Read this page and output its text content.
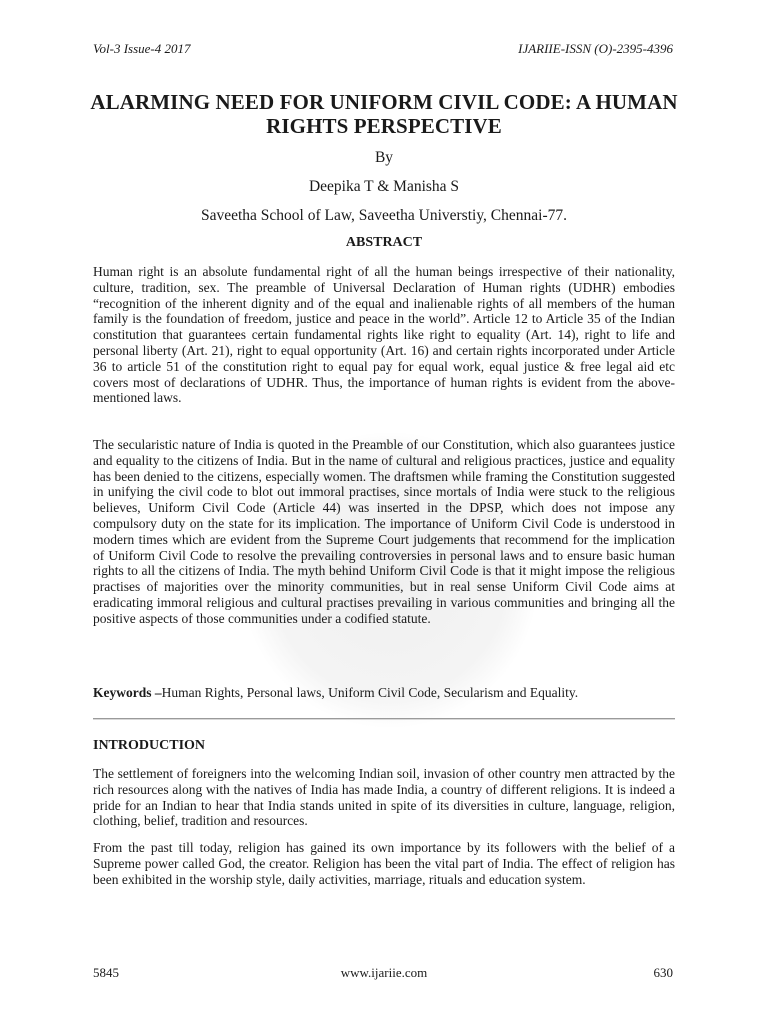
Vol-3 Issue-4 2017	IJARIIE-ISSN (O)-2395-4396
ALARMING NEED FOR UNIFORM CIVIL CODE: A HUMAN RIGHTS PERSPECTIVE
By
Deepika T & Manisha S
Saveetha School of Law, Saveetha Universtiy, Chennai-77.
ABSTRACT
Human right is an absolute fundamental right of all the human beings irrespective of their nationality, culture, tradition, sex. The preamble of Universal Declaration of Human rights (UDHR) embodies “recognition of the inherent dignity and of the equal and inalienable rights of all members of the human family is the foundation of freedom, justice and peace in the world”. Article 12 to Article 35 of the Indian constitution that guarantees certain fundamental rights like right to equality (Art. 14), right to life and personal liberty (Art. 21), right to equal opportunity (Art. 16) and certain rights incorporated under Article 36 to article 51 of the constitution right to equal pay for equal work, equal justice & free legal aid etc covers most of declarations of UDHR. Thus, the importance of human rights is evident from the above-mentioned laws.
The secularistic nature of India is quoted in the Preamble of our Constitution, which also guarantees justice and equality to the citizens of India. But in the name of cultural and religious practices, justice and equality has been denied to the citizens, especially women. The draftsmen while framing the Constitution suggested in unifying the civil code to blot out immoral practises, since mortals of India were stuck to the religious believes, Uniform Civil Code (Article 44) was inserted in the DPSP, which does not impose any compulsory duty on the state for its implication. The importance of Uniform Civil Code is understood in modern times which are evident from the Supreme Court judgements that recommend for the implication of Uniform Civil Code to resolve the prevailing controversies in personal laws and to ensure basic human rights to all the citizens of India. The myth behind Uniform Civil Code is that it might impose the religious practises of majorities over the minority communities, but in real sense Uniform Civil Code aims at eradicating immoral religious and cultural practises prevailing in various communities and bringing all the positive aspects of those communities under a codified statute.
Keywords –Human Rights, Personal laws, Uniform Civil Code, Secularism and Equality.
INTRODUCTION
The settlement of foreigners into the welcoming Indian soil, invasion of other country men attracted by the rich resources along with the natives of India has made India, a country of different religions. It is indeed a pride for an Indian to hear that India stands united in spite of its diversities in culture, language, religion, clothing, belief, tradition and resources.
From the past till today, religion has gained its own importance by its followers with the belief of a Supreme power called God, the creator. Religion has been the vital part of India. The effect of religion has been exhibited in the worship style, daily activities, marriage, rituals and education system.
5845	www.ijariie.com	630
